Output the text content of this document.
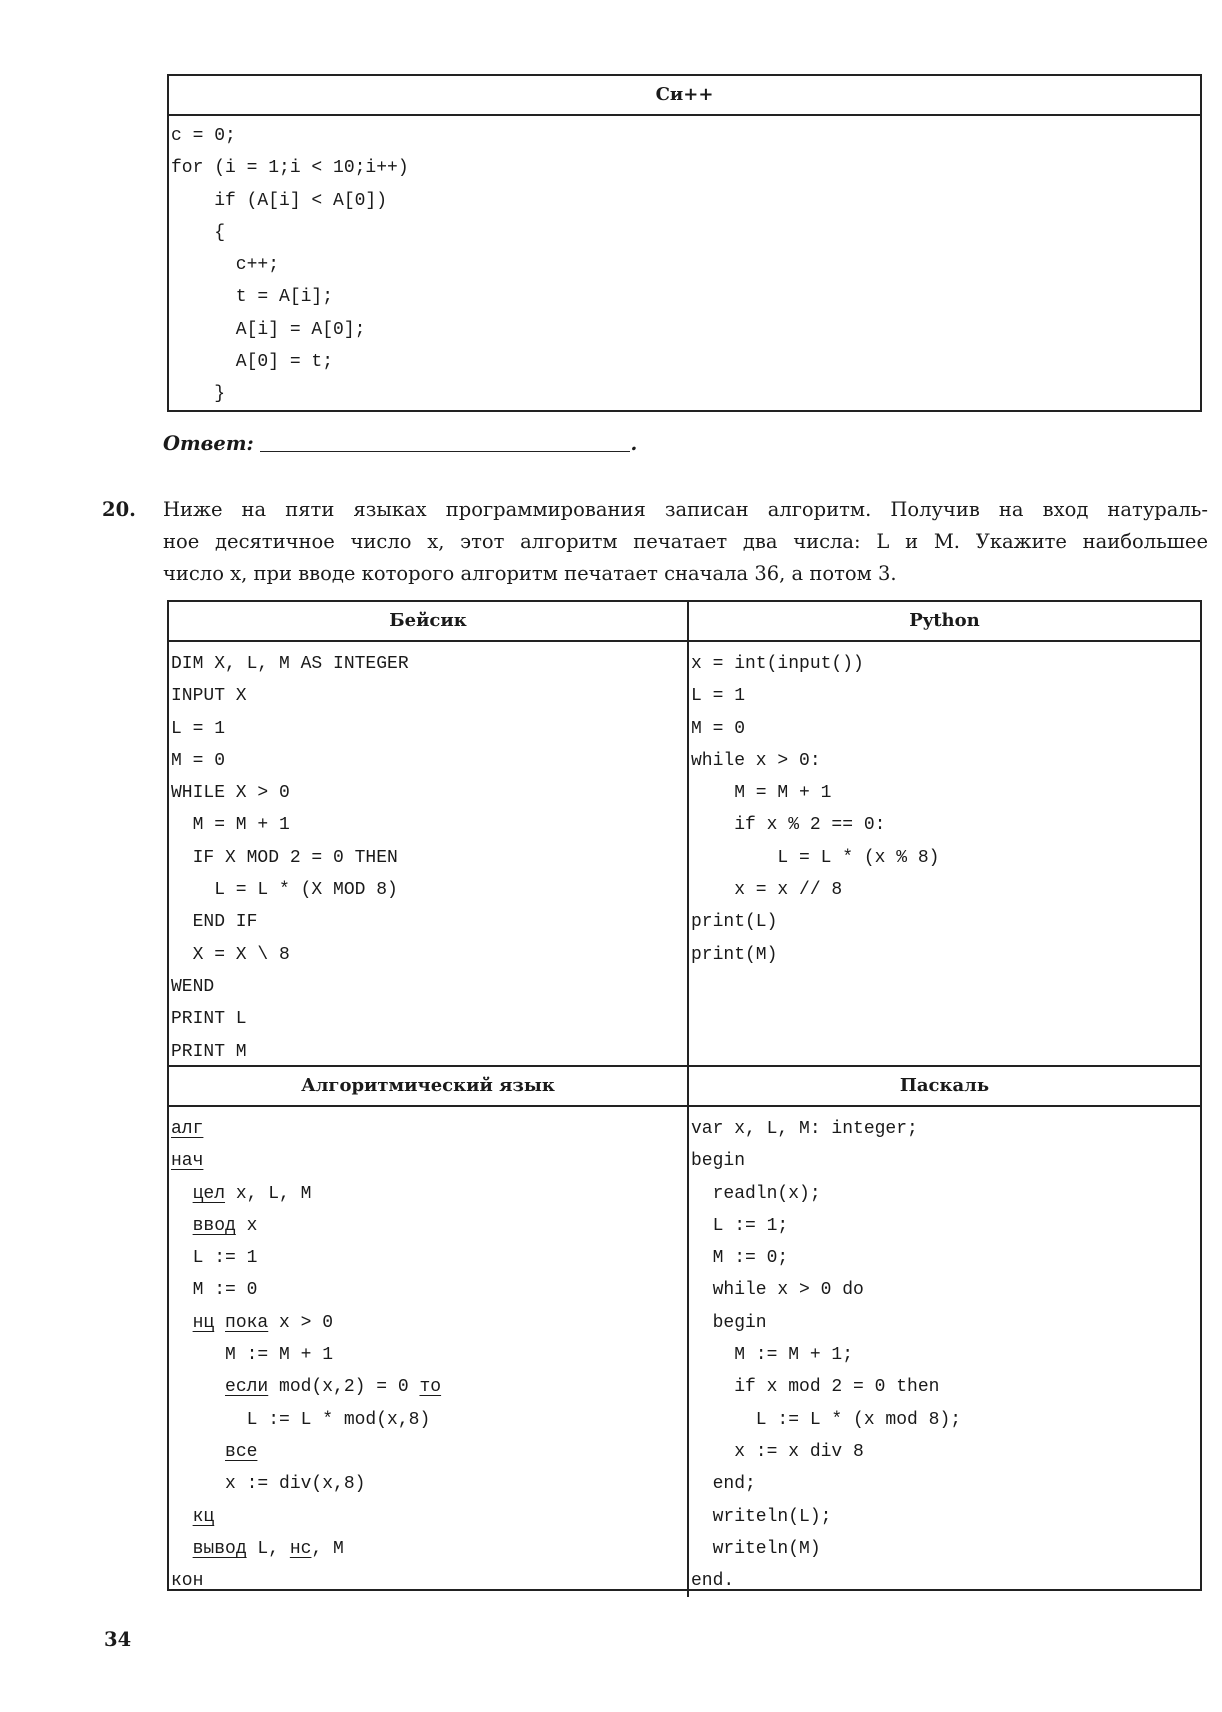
Си++
c = 0;
for (i = 1;i < 10;i++)
if (A[i] < A[0])
{
c++;
t = A[i];
A[i] = A[0];
A[0] = t;
}
Ответ:	.
20. Ниже на пяти языках программирования записан алгоритм. Получив на вход натураль-
ное десятичное число x, этот алгоритм печатает два числа: L и M. Укажите наибольшее
число x, при вводе которого алгоритм печатает сначала 36, а потом 3.
Бейсик
DIM X, L, M AS INTEGER
INPUT X
L = 1
M = 0
WHILE X > 0
M = M + 1
IF X MOD 2 = 0 THEN
L = L * (X MOD 8)
END IF
X = X \ 8
WEND
PRINT L
PRINT M
Python
x = int(input())
L = 1
M = 0
while x > 0:
M = M + 1
if x % 2 == 0:
L = L * (x % 8)
x = x // 8
print(L)
print(M)
Алгоритмический язык
алг
нач
цел x, L, M
ввод x
L := 1
M := 0
нц пока x > 0
M := M + 1
если mod(x,2) = 0 то
L := L * mod(x,8)
все
x := div(x,8)
кц
вывод L, нс, M
кон
Паскаль
var x, L, M: integer;
begin
readln(x);
L := 1;
M := 0;
while x > 0 do
begin
M := M + 1;
if x mod 2 = 0 then
L := L * (x mod 8);
x := x div 8
end;
writeln(L);
writeln(M)
end.
34
